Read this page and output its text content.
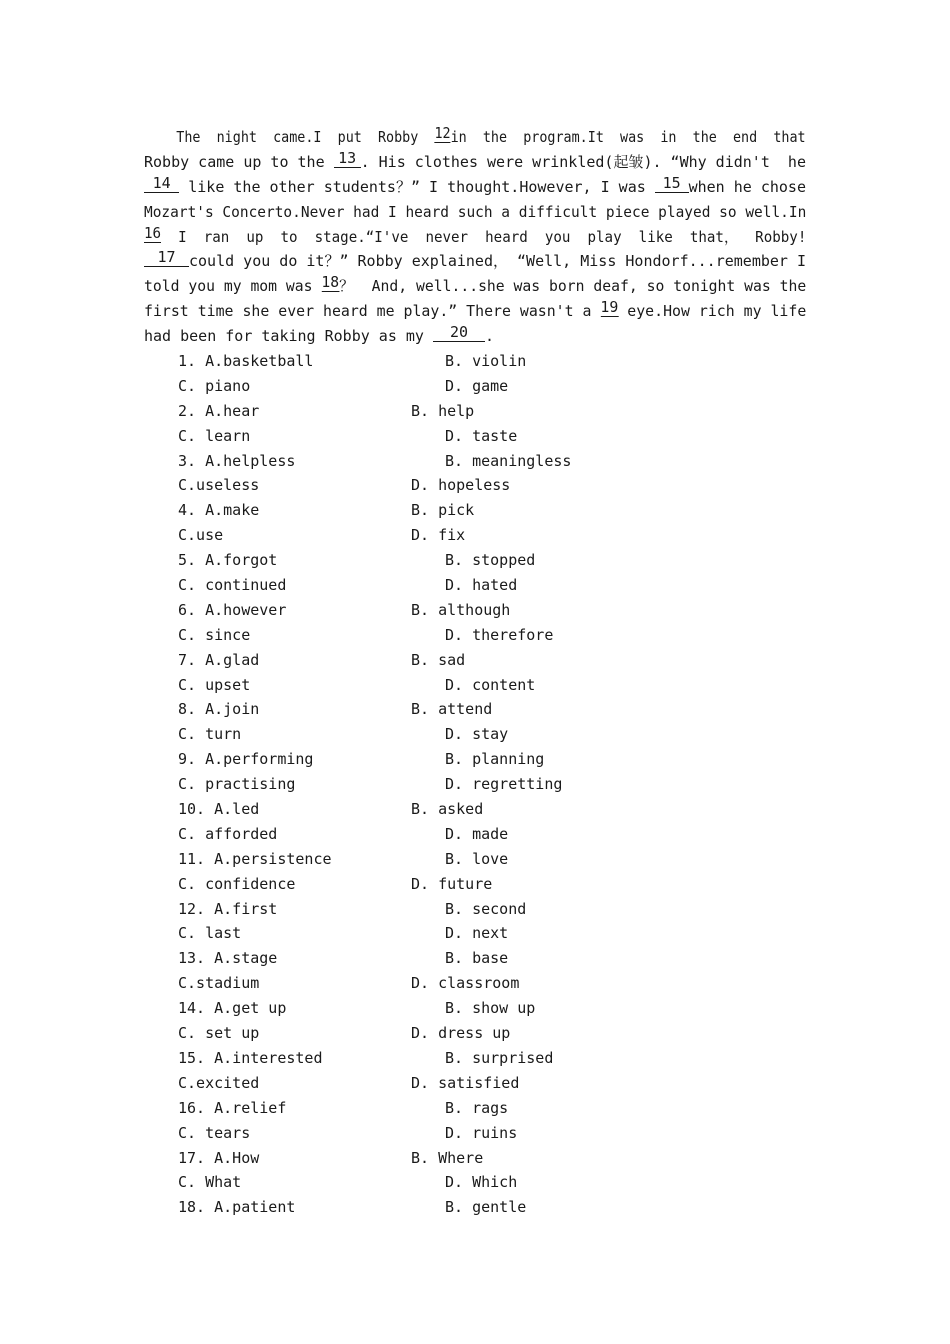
The  night  came.I  put  Robby 12 in  the  program.It  was  in  the  end  that
Robby came up to the 13 . His clothes were wrinkled(起皱). “Why didn't  he
14 like the other students？” I thought.However, I was 15 when he chose
Mozart's Concerto.Never had I heard such a difficult piece played so well.In
16 I  ran  up  to  stage.“I've  never  heard  you  play  like  that，  Robby!
17 could you do it？” Robby explained， “Well, Miss Hondorf...remember I
told you my mom was 18 ？  And, well...she was born deaf, so tonight was the
first time she ever heard me play.” There wasn't a 19 eye.How rich my life
had been for taking Robby as my	20	.
1. A.basketball	B. violin
C. piano	D. game
2. A.hear	B. help
C. learn	D. taste
3. A.helpless	B. meaningless
C.useless	D. hopeless
4. A.make	B. pick
C.use	D. fix
5. A.forgot	B. stopped
C. continued	D. hated
6. A.however	B. although
C. since	D. therefore
7. A.glad	B. sad
C. upset	D. content
8. A.join	B. attend
C. turn	D. stay
9. A.performing	B. planning
C. practising	D. regretting
10. A.led	B. asked
C. afforded	D. made
11. A.persistence	B. love
C. confidence	D. future
12. A.first	B. second
C. last	D. next
13. A.stage	B. base
C.stadium	D. classroom
14. A.get up	B. show up
C. set up	D. dress up
15. A.interested	B. surprised
C.excited	D. satisfied
16. A.relief	B. rags
C. tears	D. ruins
17. A.How	B. Where
C. What	D. Which
18. A.patient	B. gentle
